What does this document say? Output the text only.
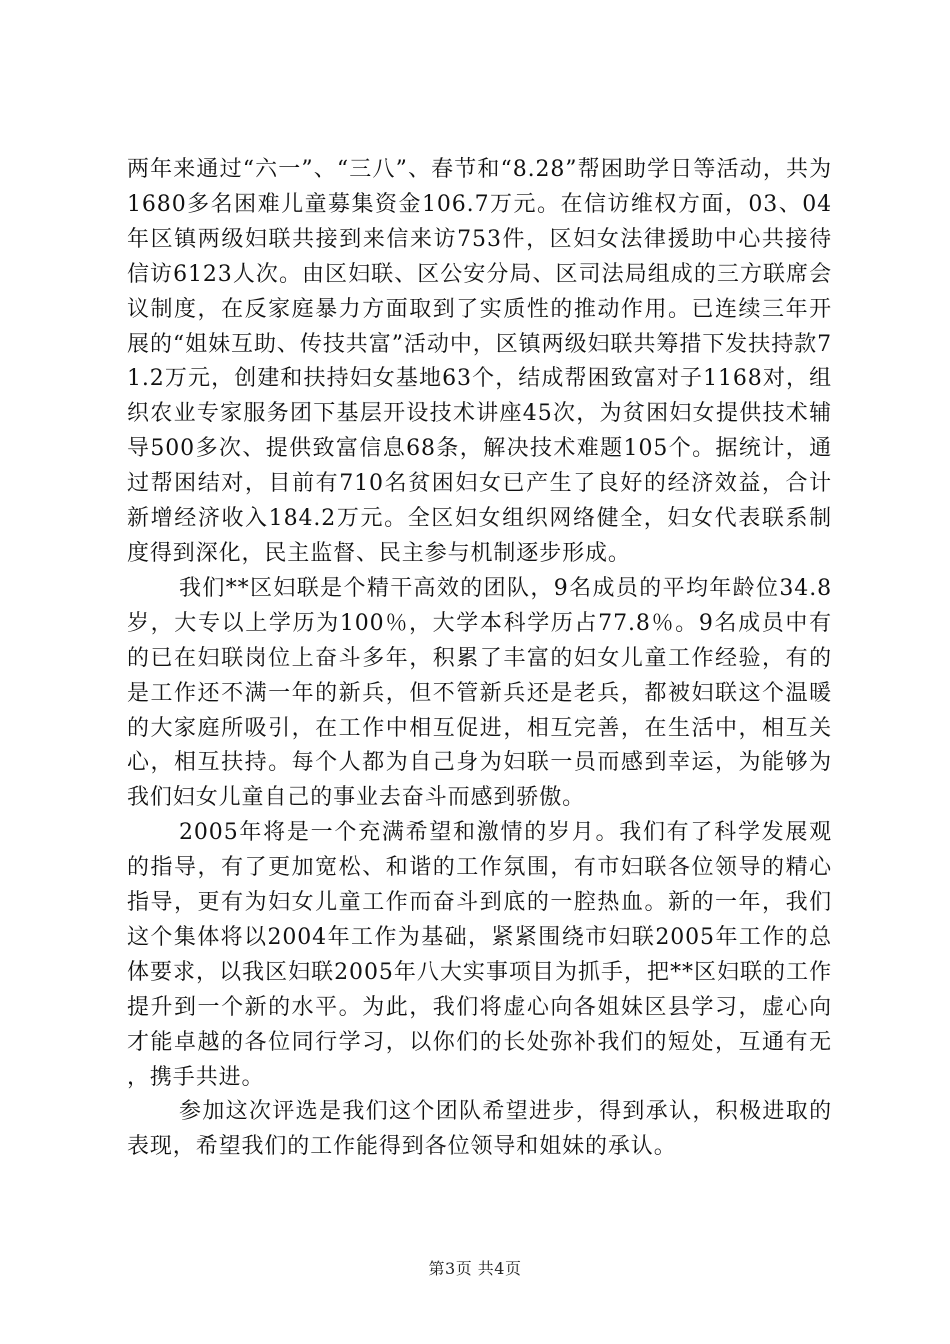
两年来通过“六一”、“三八”、春节和“8.28”帮困助学日等活动，共为1680多名困难儿童募集资金106.7万元。在信访维权方面，03、04年区镇两级妇联共接到来信来访753件，区妇女法律援助中心共接待信访6123人次。由区妇联、区公安分局、区司法局组成的三方联席会议制度，在反家庭暴力方面取到了实质性的推动作用。已连续三年开展的“姐妹互助、传技共富”活动中，区镇两级妇联共筹措下发扶持款71.2万元，创建和扶持妇女基地63个，结成帮困致富对子1168对，组织农业专家服务团下基层开设技术讲座45次，为贫困妇女提供技术辅导500多次、提供致富信息68条，解决技术难题105个。据统计，通过帮困结对，目前有710名贫困妇女已产生了良好的经济效益，合计新增经济收入184.2万元。全区妇女组织网络健全，妇女代表联系制度得到深化，民主监督、民主参与机制逐步形成。

我们**区妇联是个精干高效的团队，9名成员的平均年龄位34.8岁，大专以上学历为100％，大学本科学历占77.8％。9名成员中有的已在妇联岗位上奋斗多年，积累了丰富的妇女儿童工作经验，有的是工作还不满一年的新兵，但不管新兵还是老兵，都被妇联这个温暖的大家庭所吸引，在工作中相互促进，相互完善，在生活中，相互关心，相互扶持。每个人都为自己身为妇联一员而感到幸运，为能够为我们妇女儿童自己的事业去奋斗而感到骄傲。

2005年将是一个充满希望和激情的岁月。我们有了科学发展观的指导，有了更加宽松、和谐的工作氛围，有市妇联各位领导的精心指导，更有为妇女儿童工作而奋斗到底的一腔热血。新的一年，我们这个集体将以2004年工作为基础，紧紧围绕市妇联2005年工作的总体要求，以我区妇联2005年八大实事项目为抓手，把**区妇联的工作提升到一个新的水平。为此，我们将虚心向各姐妹区县学习，虚心向才能卓越的各位同行学习，以你们的长处弥补我们的短处，互通有无，携手共进。

参加这次评选是我们这个团队希望进步，得到承认，积极进取的表现，希望我们的工作能得到各位领导和姐妹的承认。

第3页 共4页
